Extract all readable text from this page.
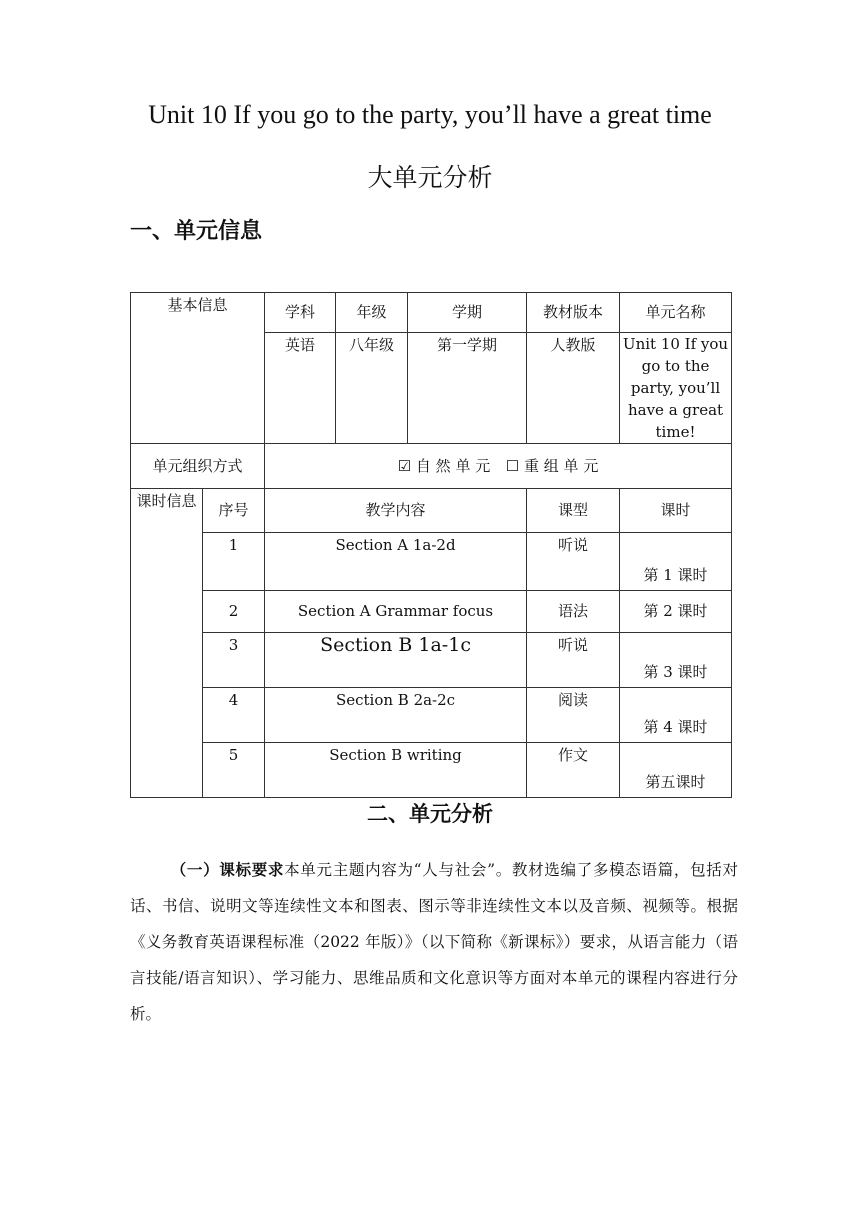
Unit 10 If you go to the party, you’ll have a great time
大单元分析
一、单元信息
基本信息		学科	年级	学期	教材版本	单元名称
		英语	八年级	第一学期	人教版	Unit 10 If you go to the party, you’ll have a great time!
单元组织方式		☑ 自 然 单 元 ☐ 重 组 单 元				
课时信息	序号	教学内容			课型	课时
	1	Section A 1a-2d			听说	第 1 课时
	2	Section A Grammar focus			语法	第 2 课时
	3	Section B 1a-1c			听说	第 3 课时
	4	Section B 2a-2c			阅读	第 4 课时
	5	Section B writing			作文	第五课时
二、单元分析
（一）课标要求本单元主题内容为“人与社会”。教材选编了多模态语篇，包括对话、书信、说明文等连续性文本和图表、图示等非连续性文本以及音频、视频等。根据《义务教育英语课程标准（2022 年版）》（以下简称《新课标》）要求，从语言能力（语言技能/语言知识）、学习能力、思维品质和文化意识等方面对本单元的课程内容进行分析。
